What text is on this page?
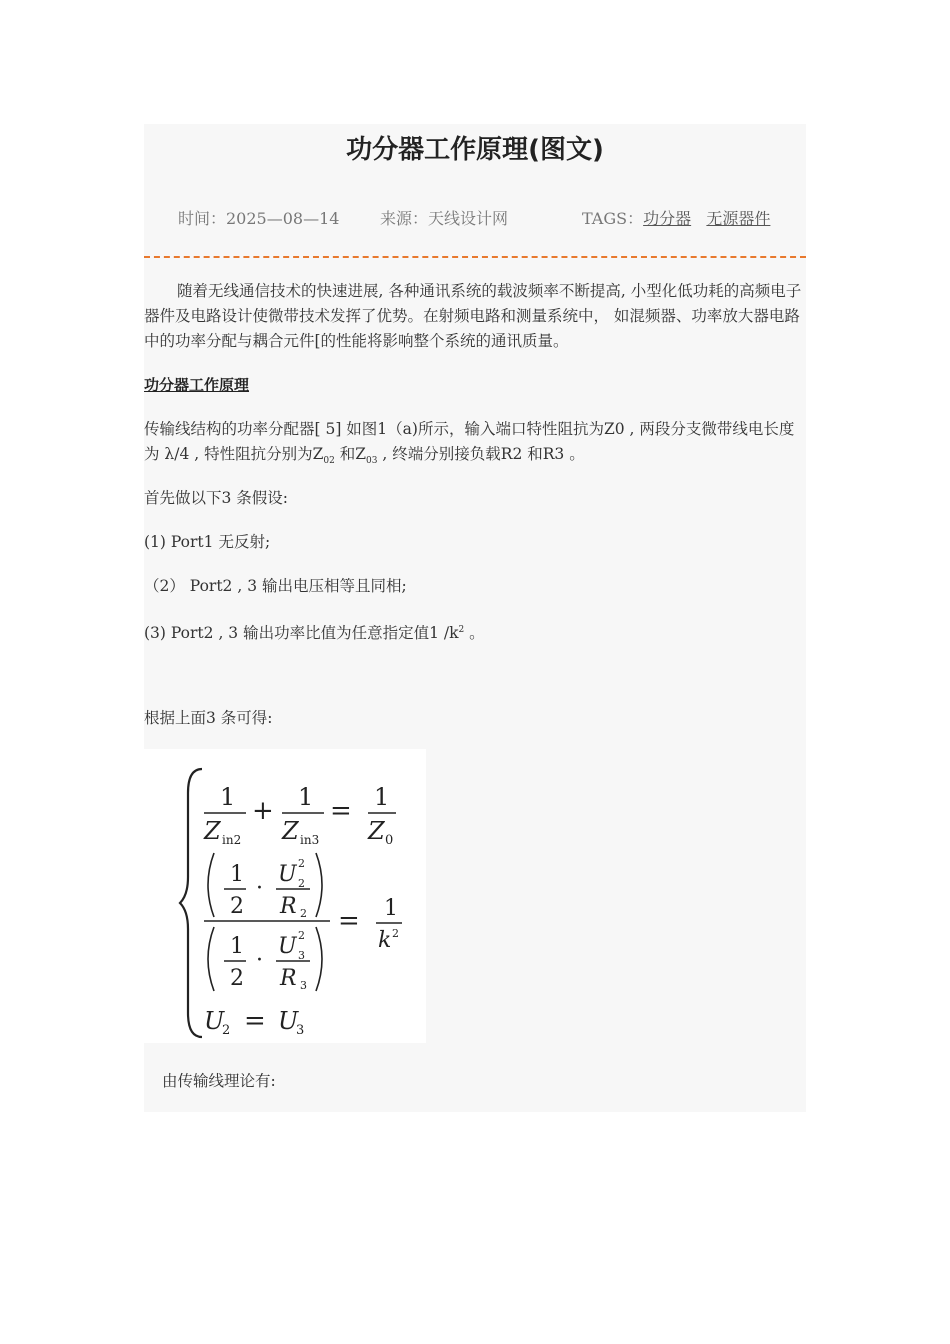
功分器工作原理(图文)
时间：2025—08—14	来源：天线设计网	TAGS：功分器 无源器件
随着无线通信技术的快速进展, 各种通讯系统的载波频率不断提高, 小型化低功耗的高频电子器件及电路设计使微带技术发挥了优势。在射频电路和测量系统中， 如混频器、功率放大器电路中的功率分配与耦合元件[的性能将影响整个系统的通讯质量。
功分器工作原理
传输线结构的功率分配器[ 5] 如图1（a)所示，输入端口特性阻抗为Z0 , 两段分支微带线电长度为 λ/4 , 特性阻抗分别为$Z_{02}$ 和$Z_{03}$ , 终端分别接负载R2 和R3 。
首先做以下3 条假设:
(1) Port1 无反射;
（2） Port2 , 3 输出电压相等且同相;
(3) Port2 , 3 输出功率比值为任意指定值1 $/k^2$ 。
根据上面3 条可得:
1
Z in2
+ 1
Z in3
= 1
Z 0
1
2
·
U 2
2
R 2
1
2
·
U 2
3
R 3
= 1
k 2
U
2 = U
3
由传输线理论有:
